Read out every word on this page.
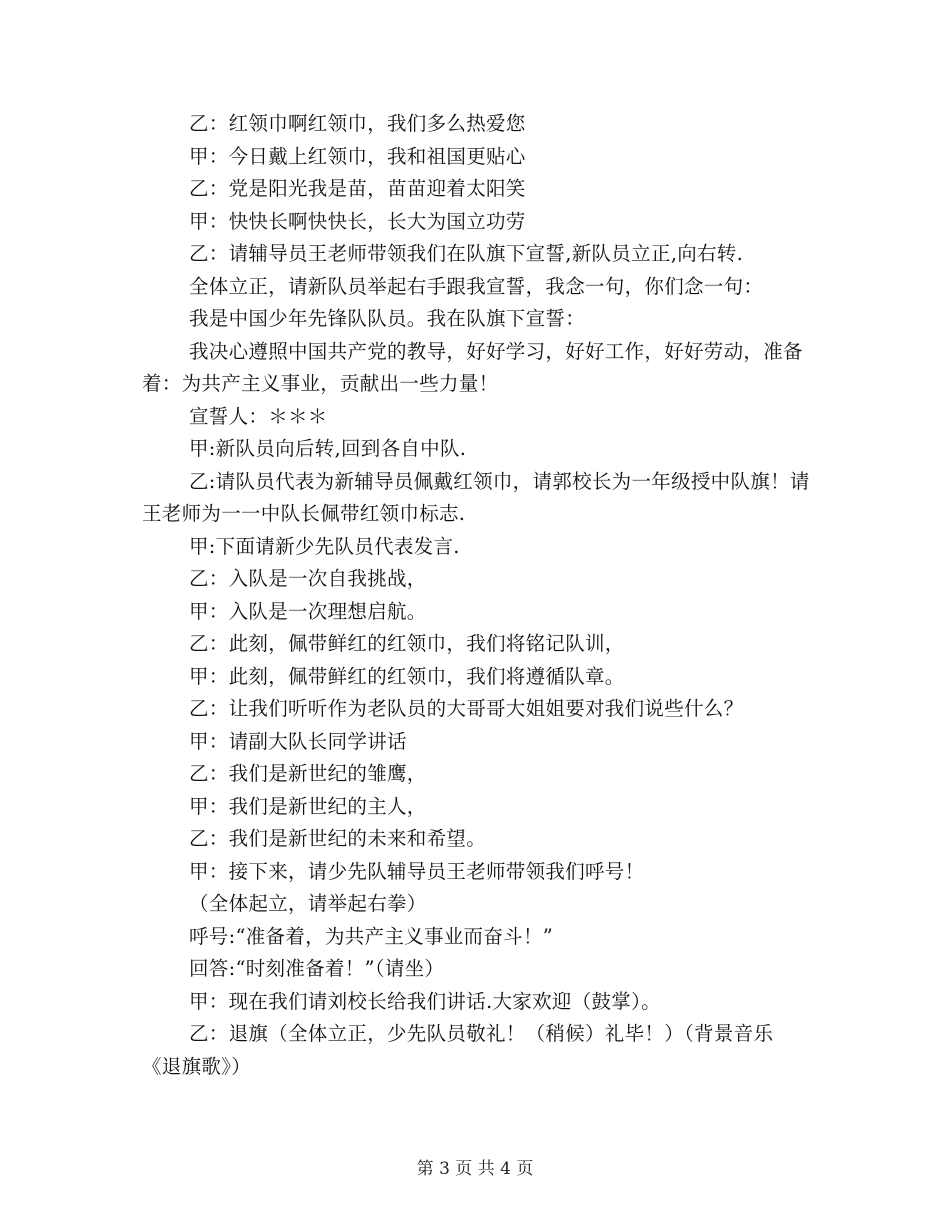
乙：红领巾啊红领巾，我们多么热爱您

甲：今日戴上红领巾，我和祖国更贴心

乙：党是阳光我是苗，苗苗迎着太阳笑

甲：快快长啊快快长，长大为国立功劳

乙：请辅导员王老师带领我们在队旗下宣誓,新队员立正,向右转.

全体立正，请新队员举起右手跟我宣誓，我念一句，你们念一句：

我是中国少年先锋队队员。我在队旗下宣誓：

我决心遵照中国共产党的教导，好好学习，好好工作，好好劳动，准备着：为共产主义事业，贡献出一些力量！

宣誓人：＊＊＊

甲:新队员向后转,回到各自中队.

乙:请队员代表为新辅导员佩戴红领巾，请郭校长为一年级授中队旗！请王老师为一一中队长佩带红领巾标志.

甲:下面请新少先队员代表发言.

乙：入队是一次自我挑战，

甲：入队是一次理想启航。

乙：此刻，佩带鲜红的红领巾，我们将铭记队训，

甲：此刻，佩带鲜红的红领巾，我们将遵循队章。

乙：让我们听听作为老队员的大哥哥大姐姐要对我们说些什么？

甲：请副大队长同学讲话

乙：我们是新世纪的雏鹰，

甲：我们是新世纪的主人，

乙：我们是新世纪的未来和希望。

甲：接下来，请少先队辅导员王老师带领我们呼号！

（全体起立，请举起右拳）

呼号:“准备着，为共产主义事业而奋斗！”

回答:“时刻准备着！”（请坐）

甲：现在我们请刘校长给我们讲话.大家欢迎（鼓掌）。

乙：退旗（全体立正，少先队员敬礼！（稍候）礼毕！）（背景音乐《退旗歌》）

第 3 页 共 4 页
